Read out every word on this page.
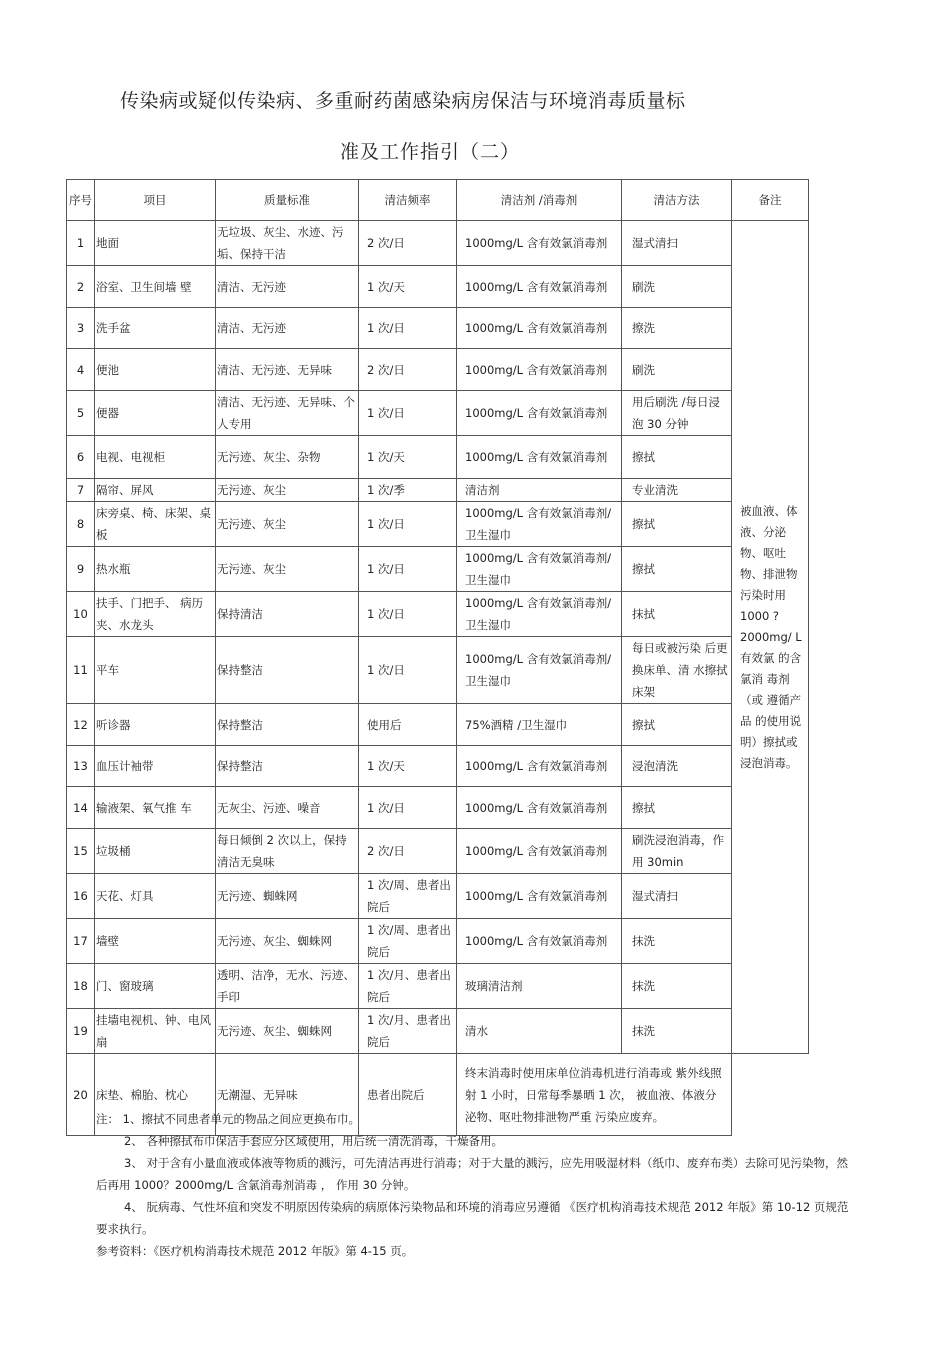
传染病或疑似传染病、多重耐药菌感染病房保洁与环境消毒质量标
准及工作指引（二）
序号	项目	质量标准	清洁频率	清洁剂 /消毒剂	清洁方法	备注
1	地面	无垃圾、灰尘、水迹、污垢、保持干洁	2 次/日	1000mg/L 含有效氯消毒剂	湿式清扫	被血液、体液、分泌物、呕吐物、排泄物污染时用 1000 ? 2000mg/ L 有效氯 的含氯消 毒剂（或 遵循产品 的使用说明）擦拭或浸泡消毒。
2	浴室、卫生间墙 壁	清洁、无污迹	1 次/天	1000mg/L 含有效氯消毒剂	刷洗	
3	洗手盆	清洁、无污迹	1 次/日	1000mg/L 含有效氯消毒剂	擦洗	
4	便池	清洁、无污迹、无异味	2 次/日	1000mg/L 含有效氯消毒剂	刷洗	
5	便器	清洁、无污迹、无异味、个人专用	1 次/日	1000mg/L 含有效氯消毒剂	用后刷洗 /每日浸泡 30 分钟	
6	电视、电视柜	无污迹、灰尘、杂物	1 次/天	1000mg/L 含有效氯消毒剂	擦拭	
7	隔帘、屏风	无污迹、灰尘	1 次/季	清洁剂	专业清洗	
8	床旁桌、椅、床架、桌板	无污迹、灰尘	1 次/日	1000mg/L 含有效氯消毒剂/卫生湿巾	擦拭	
9	热水瓶	无污迹、灰尘	1 次/日	1000mg/L 含有效氯消毒剂/卫生湿巾	擦拭	
10	扶手、门把手、 病历夹、水龙头	保持清洁	1 次/日	1000mg/L 含有效氯消毒剂/卫生湿巾	抹拭	
11	平车	保持整洁	1 次/日	1000mg/L 含有效氯消毒剂/卫生湿巾	每日或被污染 后更换床单、清 水擦拭床架	
12	听诊器	保持整洁	使用后	75%酒精 /卫生湿巾	擦拭	
13	血压计袖带	保持整洁	1 次/天	1000mg/L 含有效氯消毒剂	浸泡清洗	
14	输液架、氧气推 车	无灰尘、污迹、噪音	1 次/日	1000mg/L 含有效氯消毒剂	擦拭	
15	垃圾桶	每日倾倒 2 次以上，保持清洁无臭味	2 次/日	1000mg/L 含有效氯消毒剂	刷洗浸泡消毒，作用 30min	
16	天花、灯具	无污迹、蜘蛛网	1 次/周、患者出院后	1000mg/L 含有效氯消毒剂	湿式清扫	
17	墙壁	无污迹、灰尘、蜘蛛网	1 次/周、患者出院后	1000mg/L 含有效氯消毒剂	抹洗	
18	门、窗玻璃	透明、洁净，无水、污迹、手印	1 次/月、患者出院后	玻璃清洁剂	抹洗	
19	挂墙电视机、钟、电风扇	无污迹、灰尘、蜘蛛网	1 次/月、患者出院后	清水	抹洗	
20	床垫、棉胎、枕心	无潮湿、无异味	患者出院后	终末消毒时使用床单位消毒机进行消毒或 紫外线照射 1 小时，日常每季暴晒 1 次， 被血液、体液分泌物、呕吐物排泄物严重 污染应废弃。		
注： 1、擦拭不同患者单元的物品之间应更换布巾。
2、 各种擦拭布巾保洁手套应分区域使用，用后统一清洗消毒，干燥备用。
3、 对于含有小量血液或体液等物质的溅污，可先清洁再进行消毒；对于大量的溅污，应先用吸湿材料（纸巾、废弃布类）去除可见污染物，然后再用 1000？2000mg/L 含氯消毒剂消毒 ， 作用 30 分钟。
4、 朊病毒、气性坏疽和突发不明原因传染病的病原体污染物品和环境的消毒应另遵循 《医疗机构消毒技术规范 2012 年版》第 10-12 页规范要求执行。
参考资料：《医疗机构消毒技术规范 2012 年版》第 4-15 页。
